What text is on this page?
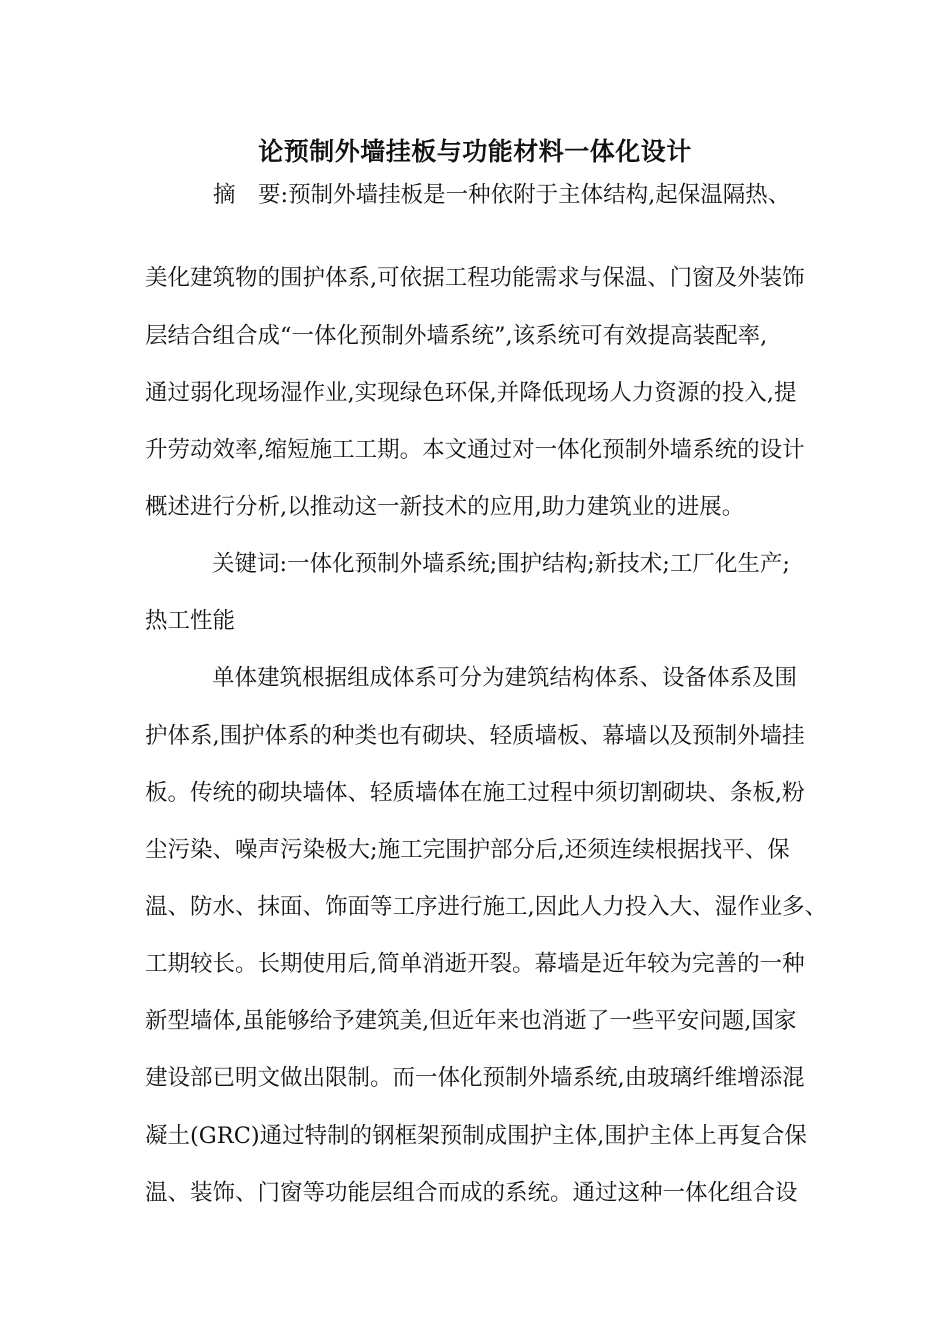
论预制外墙挂板与功能材料一体化设计

摘　要:预制外墙挂板是一种依附于主体结构,起保温隔热、

美化建筑物的围护体系,可依据工程功能需求与保温、门窗及外装饰

层结合组合成“一体化预制外墙系统”,该系统可有效提高装配率,

通过弱化现场湿作业,实现绿色环保,并降低现场人力资源的投入,提

升劳动效率,缩短施工工期。本文通过对一体化预制外墙系统的设计

概述进行分析,以推动这一新技术的应用,助力建筑业的进展。

关键词:一体化预制外墙系统;围护结构;新技术;工厂化生产;

热工性能

单体建筑根据组成体系可分为建筑结构体系、设备体系及围

护体系,围护体系的种类也有砌块、轻质墙板、幕墙以及预制外墙挂

板。传统的砌块墙体、轻质墙体在施工过程中须切割砌块、条板,粉

尘污染、噪声污染极大;施工完围护部分后,还须连续根据找平、保

温、防水、抹面、饰面等工序进行施工,因此人力投入大、湿作业多、

工期较长。长期使用后,简单消逝开裂。幕墙是近年较为完善的一种

新型墙体,虽能够给予建筑美,但近年来也消逝了一些平安问题,国家

建设部已明文做出限制。而一体化预制外墙系统,由玻璃纤维增添混

凝土(GRC)通过特制的钢框架预制成围护主体,围护主体上再复合保

温、装饰、门窗等功能层组合而成的系统。通过这种一体化组合设
